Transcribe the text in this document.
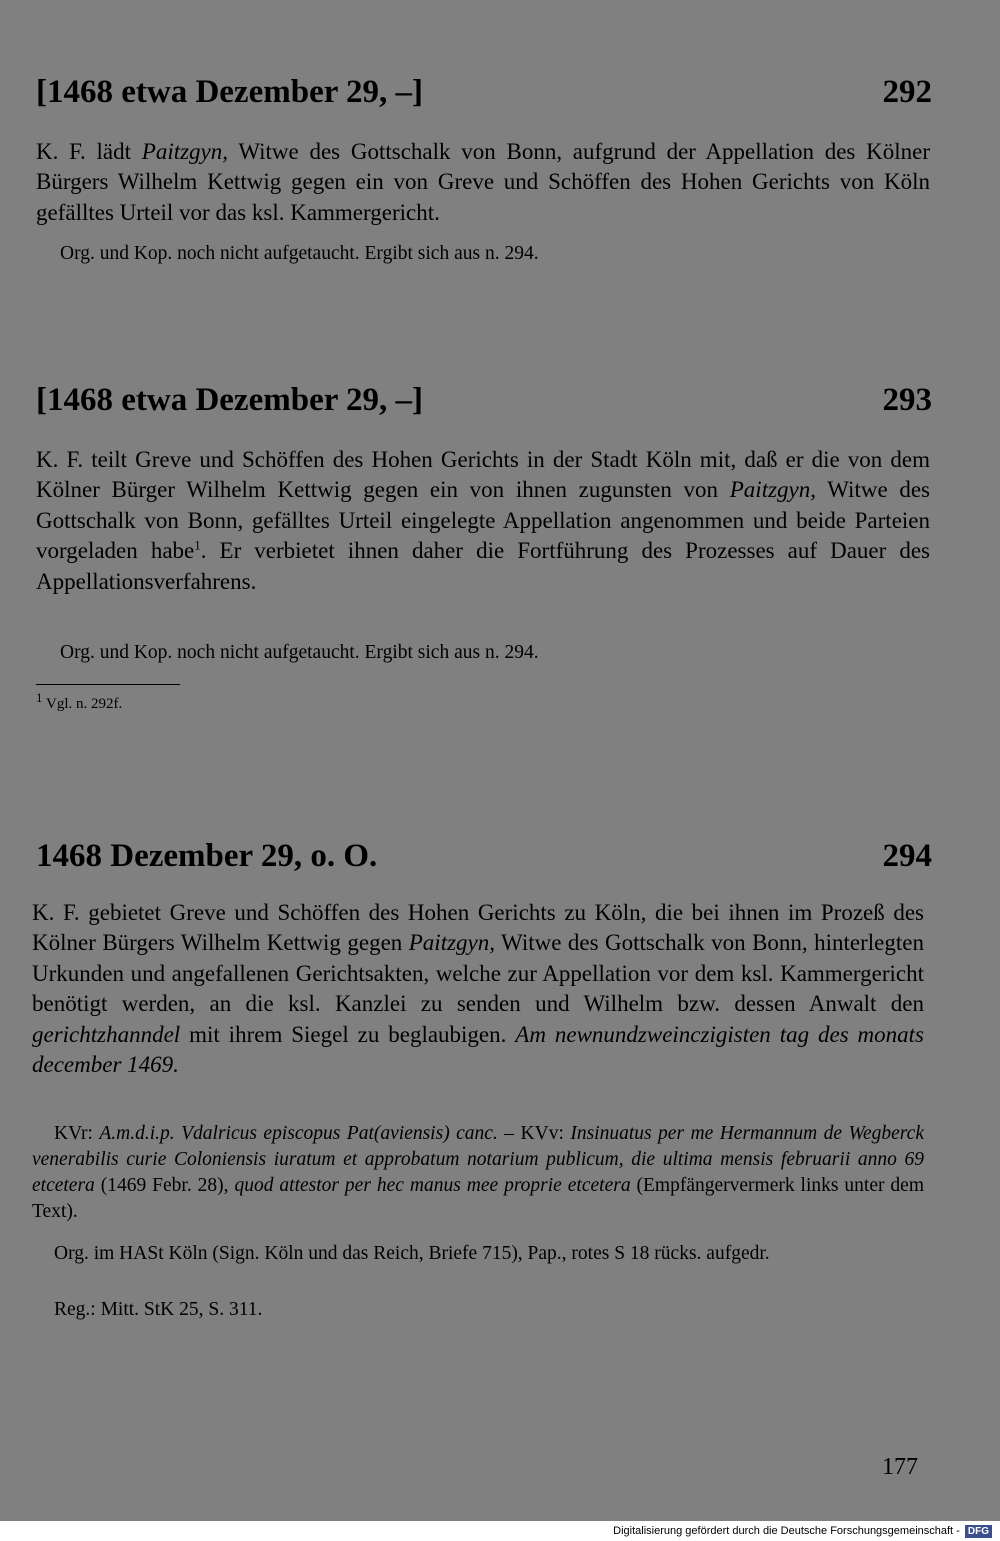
[1468 etwa Dezember 29, –]	292
K. F. lädt Paitzgyn, Witwe des Gottschalk von Bonn, aufgrund der Appellation des Kölner Bürgers Wilhelm Kettwig gegen ein von Greve und Schöffen des Hohen Gerichts von Köln gefälltes Urteil vor das ksl. Kammergericht.
Org. und Kop. noch nicht aufgetaucht. Ergibt sich aus n. 294.
[1468 etwa Dezember 29, –]	293
K. F. teilt Greve und Schöffen des Hohen Gerichts in der Stadt Köln mit, daß er die von dem Kölner Bürger Wilhelm Kettwig gegen ein von ihnen zugunsten von Paitzgyn, Witwe des Gottschalk von Bonn, gefälltes Urteil eingelegte Appellation angenommen und beide Parteien vorgeladen habe$^1$. Er verbietet ihnen daher die Fortführung des Prozesses auf Dauer des Appellationsverfahrens.
Org. und Kop. noch nicht aufgetaucht. Ergibt sich aus n. 294.
$^1$ Vgl. n. 292f.
1468 Dezember 29, o. O.	294
K. F. gebietet Greve und Schöffen des Hohen Gerichts zu Köln, die bei ihnen im Prozeß des Kölner Bürgers Wilhelm Kettwig gegen Paitzgyn, Witwe des Gottschalk von Bonn, hinterlegten Urkunden und angefallenen Gerichtsakten, welche zur Appellation vor dem ksl. Kammergericht benötigt werden, an die ksl. Kanzlei zu senden und Wilhelm bzw. dessen Anwalt den gerichtzhanndel mit ihrem Siegel zu beglaubigen. Am newnundzweinczigisten tag des monats december 1469.
KVr: A.m.d.i.p. Vdalricus episcopus Pat(aviensis) canc. – KVv: Insinuatus per me Hermannum de Wegberck venerabilis curie Coloniensis iuratum et approbatum notarium publicum, die ultima mensis februarii anno 69 etcetera (1469 Febr. 28), quod attestor per hec manus mee proprie etcetera (Empfängervermerk links unter dem Text).
Org. im HASt Köln (Sign. Köln und das Reich, Briefe 715), Pap., rotes S 18 rücks. aufgedr.
Reg.: Mitt. StK 25, S. 311.
177
Digitalisierung gefördert durch die Deutsche Forschungsgemeinschaft - DFG
